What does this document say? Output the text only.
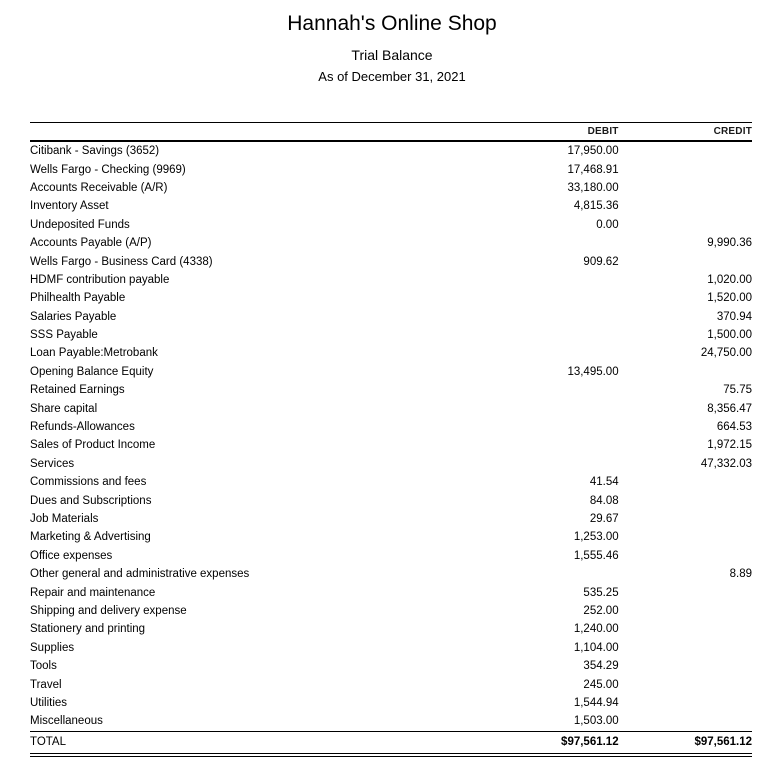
Hannah's Online Shop
Trial Balance
As of December 31, 2021
	DEBIT	CREDIT
Citibank - Savings (3652)	17,950.00	
Wells Fargo - Checking (9969)	17,468.91	
Accounts Receivable (A/R)	33,180.00	
Inventory Asset	4,815.36	
Undeposited Funds	0.00	
Accounts Payable (A/P)		9,990.36
Wells Fargo - Business Card (4338)	909.62	
HDMF contribution payable		1,020.00
Philhealth Payable		1,520.00
Salaries Payable		370.94
SSS Payable		1,500.00
Loan Payable:Metrobank		24,750.00
Opening Balance Equity	13,495.00	
Retained Earnings		75.75
Share capital		8,356.47
Refunds-Allowances		664.53
Sales of Product Income		1,972.15
Services		47,332.03
Commissions and fees	41.54	
Dues and Subscriptions	84.08	
Job Materials	29.67	
Marketing & Advertising	1,253.00	
Office expenses	1,555.46	
Other general and administrative expenses		8.89
Repair and maintenance	535.25	
Shipping and delivery expense	252.00	
Stationery and printing	1,240.00	
Supplies	1,104.00	
Tools	354.29	
Travel	245.00	
Utilities	1,544.94	
Miscellaneous	1,503.00	
TOTAL	$97,561.12	$97,561.12
